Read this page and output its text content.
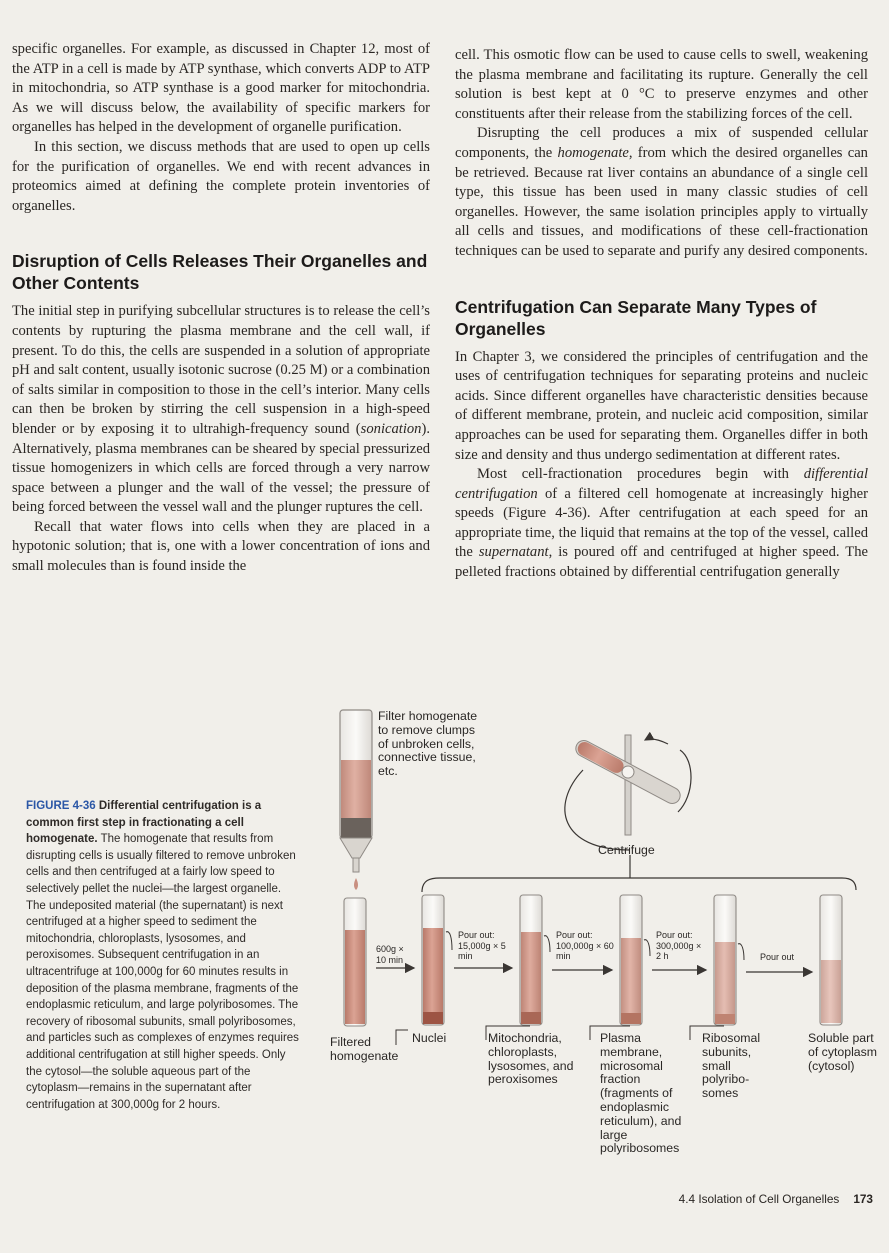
specific organelles. For example, as discussed in Chapter 12, most of the ATP in a cell is made by ATP synthase, which converts ADP to ATP in mitochondria, so ATP synthase is a good marker for mitochondria. As we will discuss below, the availability of specific markers for organelles has helped in the development of organelle purification.

In this section, we discuss methods that are used to open up cells for the purification of organelles. We end with recent advances in proteomics aimed at defining the complete protein inventories of organelles.

Disruption of Cells Releases Their Organelles and Other Contents

The initial step in purifying subcellular structures is to release the cell’s contents by rupturing the plasma membrane and the cell wall, if present. To do this, the cells are suspended in a solution of appropriate pH and salt content, usually isotonic sucrose (0.25 M) or a combination of salts similar in composition to those in the cell’s interior. Many cells can then be broken by stirring the cell suspension in a high-speed blender or by exposing it to ultrahigh-frequency sound (sonication). Alternatively, plasma membranes can be sheared by special pressurized tissue homogenizers in which cells are forced through a very narrow space between a plunger and the wall of the vessel; the pressure of being forced between the vessel wall and the plunger ruptures the cell.

Recall that water flows into cells when they are placed in a hypotonic solution; that is, one with a lower concentration of ions and small molecules than is found inside the

cell. This osmotic flow can be used to cause cells to swell, weakening the plasma membrane and facilitating its rupture. Generally the cell solution is best kept at 0 °C to preserve enzymes and other constituents after their release from the stabilizing forces of the cell.

Disrupting the cell produces a mix of suspended cellular components, the homogenate, from which the desired organelles can be retrieved. Because rat liver contains an abundance of a single cell type, this tissue has been used in many classic studies of cell organelles. However, the same isolation principles apply to virtually all cells and tissues, and modifications of these cell-fractionation techniques can be used to separate and purify any desired components.

Centrifugation Can Separate Many Types of Organelles

In Chapter 3, we considered the principles of centrifugation and the uses of centrifugation techniques for separating proteins and nucleic acids. Since different organelles have characteristic densities because of different membrane, protein, and nucleic acid composition, similar approaches can be used for separating them. Organelles differ in both size and density and thus undergo sedimentation at different rates.

Most cell-fractionation procedures begin with differential centrifugation of a filtered cell homogenate at increasingly higher speeds (Figure 4-36). After centrifugation at each speed for an appropriate time, the liquid that remains at the top of the vessel, called the supernatant, is poured off and centrifuged at higher speed. The pelleted fractions obtained by differential centrifugation generally

FIGURE 4-36 Differential centrifugation is a common first step in fractionating a cell homogenate. The homogenate that results from disrupting cells is usually filtered to remove unbroken cells and then centrifuged at a fairly low speed to selectively pellet the nuclei—the largest organelle. The undeposited material (the supernatant) is next centrifuged at a higher speed to sediment the mitochondria, chloroplasts, lysosomes, and peroxisomes. Subsequent centrifugation in an ultracentrifuge at 100,000g for 60 minutes results in deposition of the plasma membrane, fragments of the endoplasmic reticulum, and large polyribosomes. The recovery of ribosomal subunits, small polyribosomes, and particles such as complexes of enzymes requires additional centrifugation at still higher speeds. Only the cytosol—the soluble aqueous part of the cytoplasm—remains in the supernatant after centrifugation at 300,000g for 2 hours.
Filter homogenate to remove clumps of unbroken cells, connective tissue, etc.
Centrifuge
600g × 10 min
Pour out: 15,000g × 5 min
Pour out: 100,000g × 60 min
Pour out: 300,000g × 2 h	Pour out
Filtered homogenate
Nuclei	Mitochondria, chloroplasts, lysosomes, and peroxisomes
Plasma membrane, microsomal fraction (fragments of endoplasmic reticulum), and large polyribosomes
Ribosomal subunits, small polyribo-somes
Soluble part of cytoplasm (cytosol)
4.4 Isolation of Cell Organelles 173
